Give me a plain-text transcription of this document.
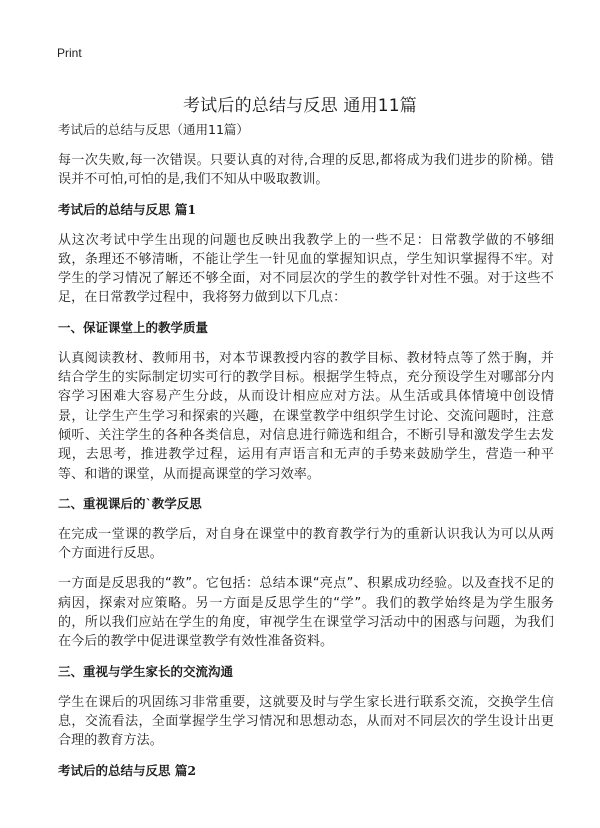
Print
考试后的总结与反思 通用11篇
考试后的总结与反思（通用11篇）

每一次失败,每一次错误。只要认真的对待,合理的反思,都将成为我们进步的阶梯。错误并不可怕,可怕的是,我们不知从中吸取教训。

考试后的总结与反思 篇1

从这次考试中学生出现的问题也反映出我教学上的一些不足：日常教学做的不够细致，条理还不够清晰，不能让学生一针见血的掌握知识点，学生知识掌握得不牢。对学生的学习情况了解还不够全面，对不同层次的学生的教学针对性不强。对于这些不足，在日常教学过程中，我将努力做到以下几点：

一、保证课堂上的教学质量

认真阅读教材、教师用书，对本节课教授内容的教学目标、教材特点等了然于胸，并结合学生的实际制定切实可行的教学目标。根据学生特点，充分预设学生对哪部分内容学习困难大容易产生分歧，从而设计相应应对方法。从生活或具体情境中创设情景，让学生产生学习和探索的兴趣，在课堂教学中组织学生讨论、交流问题时，注意倾听、关注学生的各种各类信息，对信息进行筛选和组合，不断引导和激发学生去发现，去思考，推进教学过程，运用有声语言和无声的手势来鼓励学生，营造一种平等、和谐的课堂，从而提高课堂的学习效率。

二、重视课后的`教学反思

在完成一堂课的教学后，对自身在课堂中的教育教学行为的重新认识我认为可以从两个方面进行反思。

一方面是反思我的“教”。它包括：总结本课“亮点”、积累成功经验。以及查找不足的病因，探索对应策略。另一方面是反思学生的“学”。我们的教学始终是为学生服务的，所以我们应站在学生的角度，审视学生在课堂学习活动中的困惑与问题，为我们在今后的教学中促进课堂教学有效性准备资料。

三、重视与学生家长的交流沟通

学生在课后的巩固练习非常重要，这就要及时与学生家长进行联系交流，交换学生信息，交流看法，全面掌握学生学习情况和思想动态，从而对不同层次的学生设计出更合理的教育方法。

考试后的总结与反思 篇2
